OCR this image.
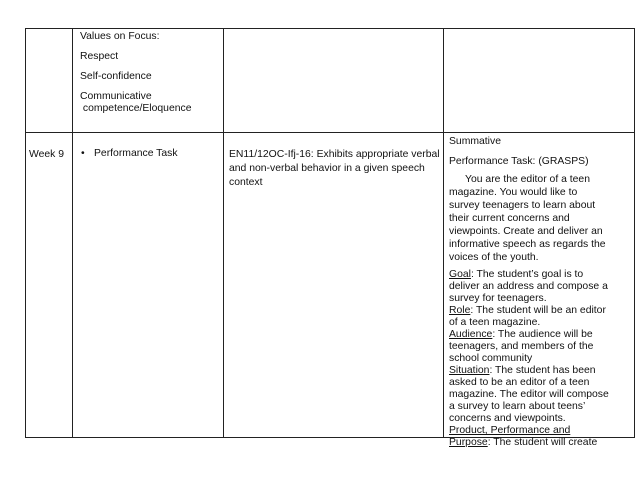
Values on Focus:

Respect

Self-confidence

Communicative

competence/Eloquence

Week 9 • Performance Task	EN11/12OC-Ifj-16: Exhibits appropriate verbal

and non-verbal behavior in a given speech

context

Summative

Performance Task: (GRASPS)

You are the editor of a teen

magazine. You would like to

survey teenagers to learn about

their current concerns and

viewpoints. Create and deliver an

informative speech as regards the

voices of the youth.

Goal: The student’s goal is to

deliver an address and compose a

survey for teenagers.

Role: The student will be an editor

of a teen magazine.

Audience: The audience will be

teenagers, and members of the

school community

Situation: The student has been

asked to be an editor of a teen

magazine. The editor will compose

a survey to learn about teens’

concerns and viewpoints.

Product, Performance and

Purpose: The student will create
